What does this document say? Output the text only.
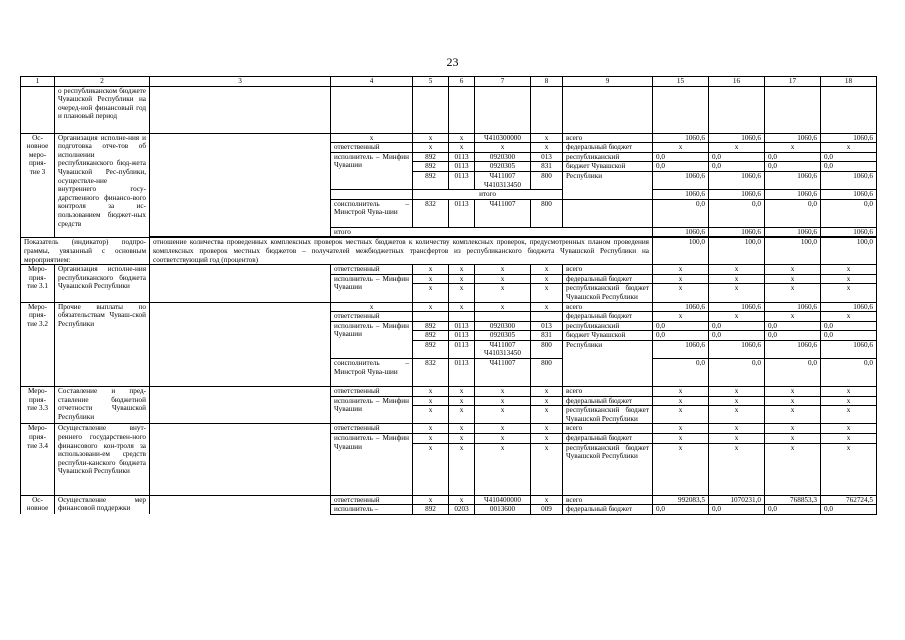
23
1	2	3	4	5	6	7	8	9	15	16	17	18
	о республиканском бюджете Чувашской Республики на очеред-ной финансовый год и плановый период											
Ос-новное меро-прия-тие 3	Организация исполне-ния и подготовка отче-тов об исполнении республиканского бюд-жета Чувашской Рес-публики, осуществле-ние внутреннего госу-дарственного финансо-вого контроля за ис-пользованием бюджет-ных средств		х	х	х	Ч410300000	х	всего	1060,6	1060,6	1060,6	1060,6
			ответственный	х	х	х	х	федеральный бюджет	х	х	х	х
			исполнитель – Минфин Чувашии	892	0113	0920300	013	республиканский	0,0	0,0	0,0	0,0
				892	0113	0920305	831	бюджет Чувашской	0,0	0,0	0,0	0,0
				892	0113	Ч411007 Ч410313450	800	Республики	1060,6	1060,6	1060,6	1060,6
				итого					1060,6	1060,6	1060,6	1060,6
			соисполнитель – Минстрой Чува-шии	832	0113	Ч411007	800		0,0	0,0	0,0	0,0
			итого						1060,6	1060,6	1060,6	1060,6

Показатель (индикатор) подпро-граммы, увязанный с основным мероприятием:		отношение количества проведенных комплексных проверок местных бюджетов к количеству комплексных проверок, предусмотренных планом проведения комплексных проверок местных бюджетов – получателей межбюджетных трансфертов из республиканского бюджета Чувашской Республики на соответствующий год (процентов)							100,0	100,0	100,0	100,0
Меро-прия-тие 3.1	Организация исполне-ния республиканского бюджета Чувашской Республики		ответственный	х	х	х	х	всего	х	х	х	х
			исполнитель – Минфин Чувашии	х	х	х	х	федеральный бюджет	х	х	х	х
				х	х	х	х	республиканский бюджет Чувашской Республики	х	х	х	х
Меро-прия-тие 3.2	Прочие выплаты по обязательствам Чуваш-ской Республики		х	х	х	х	х	всего	1060,6	1060,6	1060,6	1060,6
			ответственный					федеральный бюджет	х	х	х	х
			исполнитель – Минфин Чувашии	892	0113	0920300	013	республиканский	0,0	0,0	0,0	0,0
				892	0113	0920305	831	бюджет Чувашской	0,0	0,0	0,0	0,0
				892	0113	Ч411007 Ч410313450	800	Республики	1060,6	1060,6	1060,6	1060,6
			соисполнитель – Минстрой Чува-шии	832	0113	Ч411007	800		0,0	0,0	0,0	0,0
Меро-прия-тие 3.3	Составление и пред-ставление бюджетной отчетности Чувашской Республики		ответственный	х	х	х	х	всего	х	х	х	х
			исполнитель – Минфин Чувашии	х	х	х	х	федеральный бюджет	х	х	х	х
				х	х	х	х	республиканский бюджет Чувашской Республики	х	х	х	х
Меро-прия-тие 3.4	Осуществление внут-реннего государствен-ного финансового кон-троля за использовани-ем средств республи-канского бюджета Чувашской Республики		ответственный	х	х	х	х	всего	х	х	х	х
			исполнитель – Минфин Чувашии	х	х	х	х	федеральный бюджет	х	х	х	х
				х	х	х	х	республиканский бюджет Чувашской Республики	х	х	х	х
Ос-новное	Осуществление мер финансовой поддержки		ответственный	х	х	Ч410400000	х	всего	992083,5	1070231,0	768853,3	762724,5
			исполнитель –	892	0203	0013600	009	федеральный бюджет	0,0	0,0	0,0	0,0
